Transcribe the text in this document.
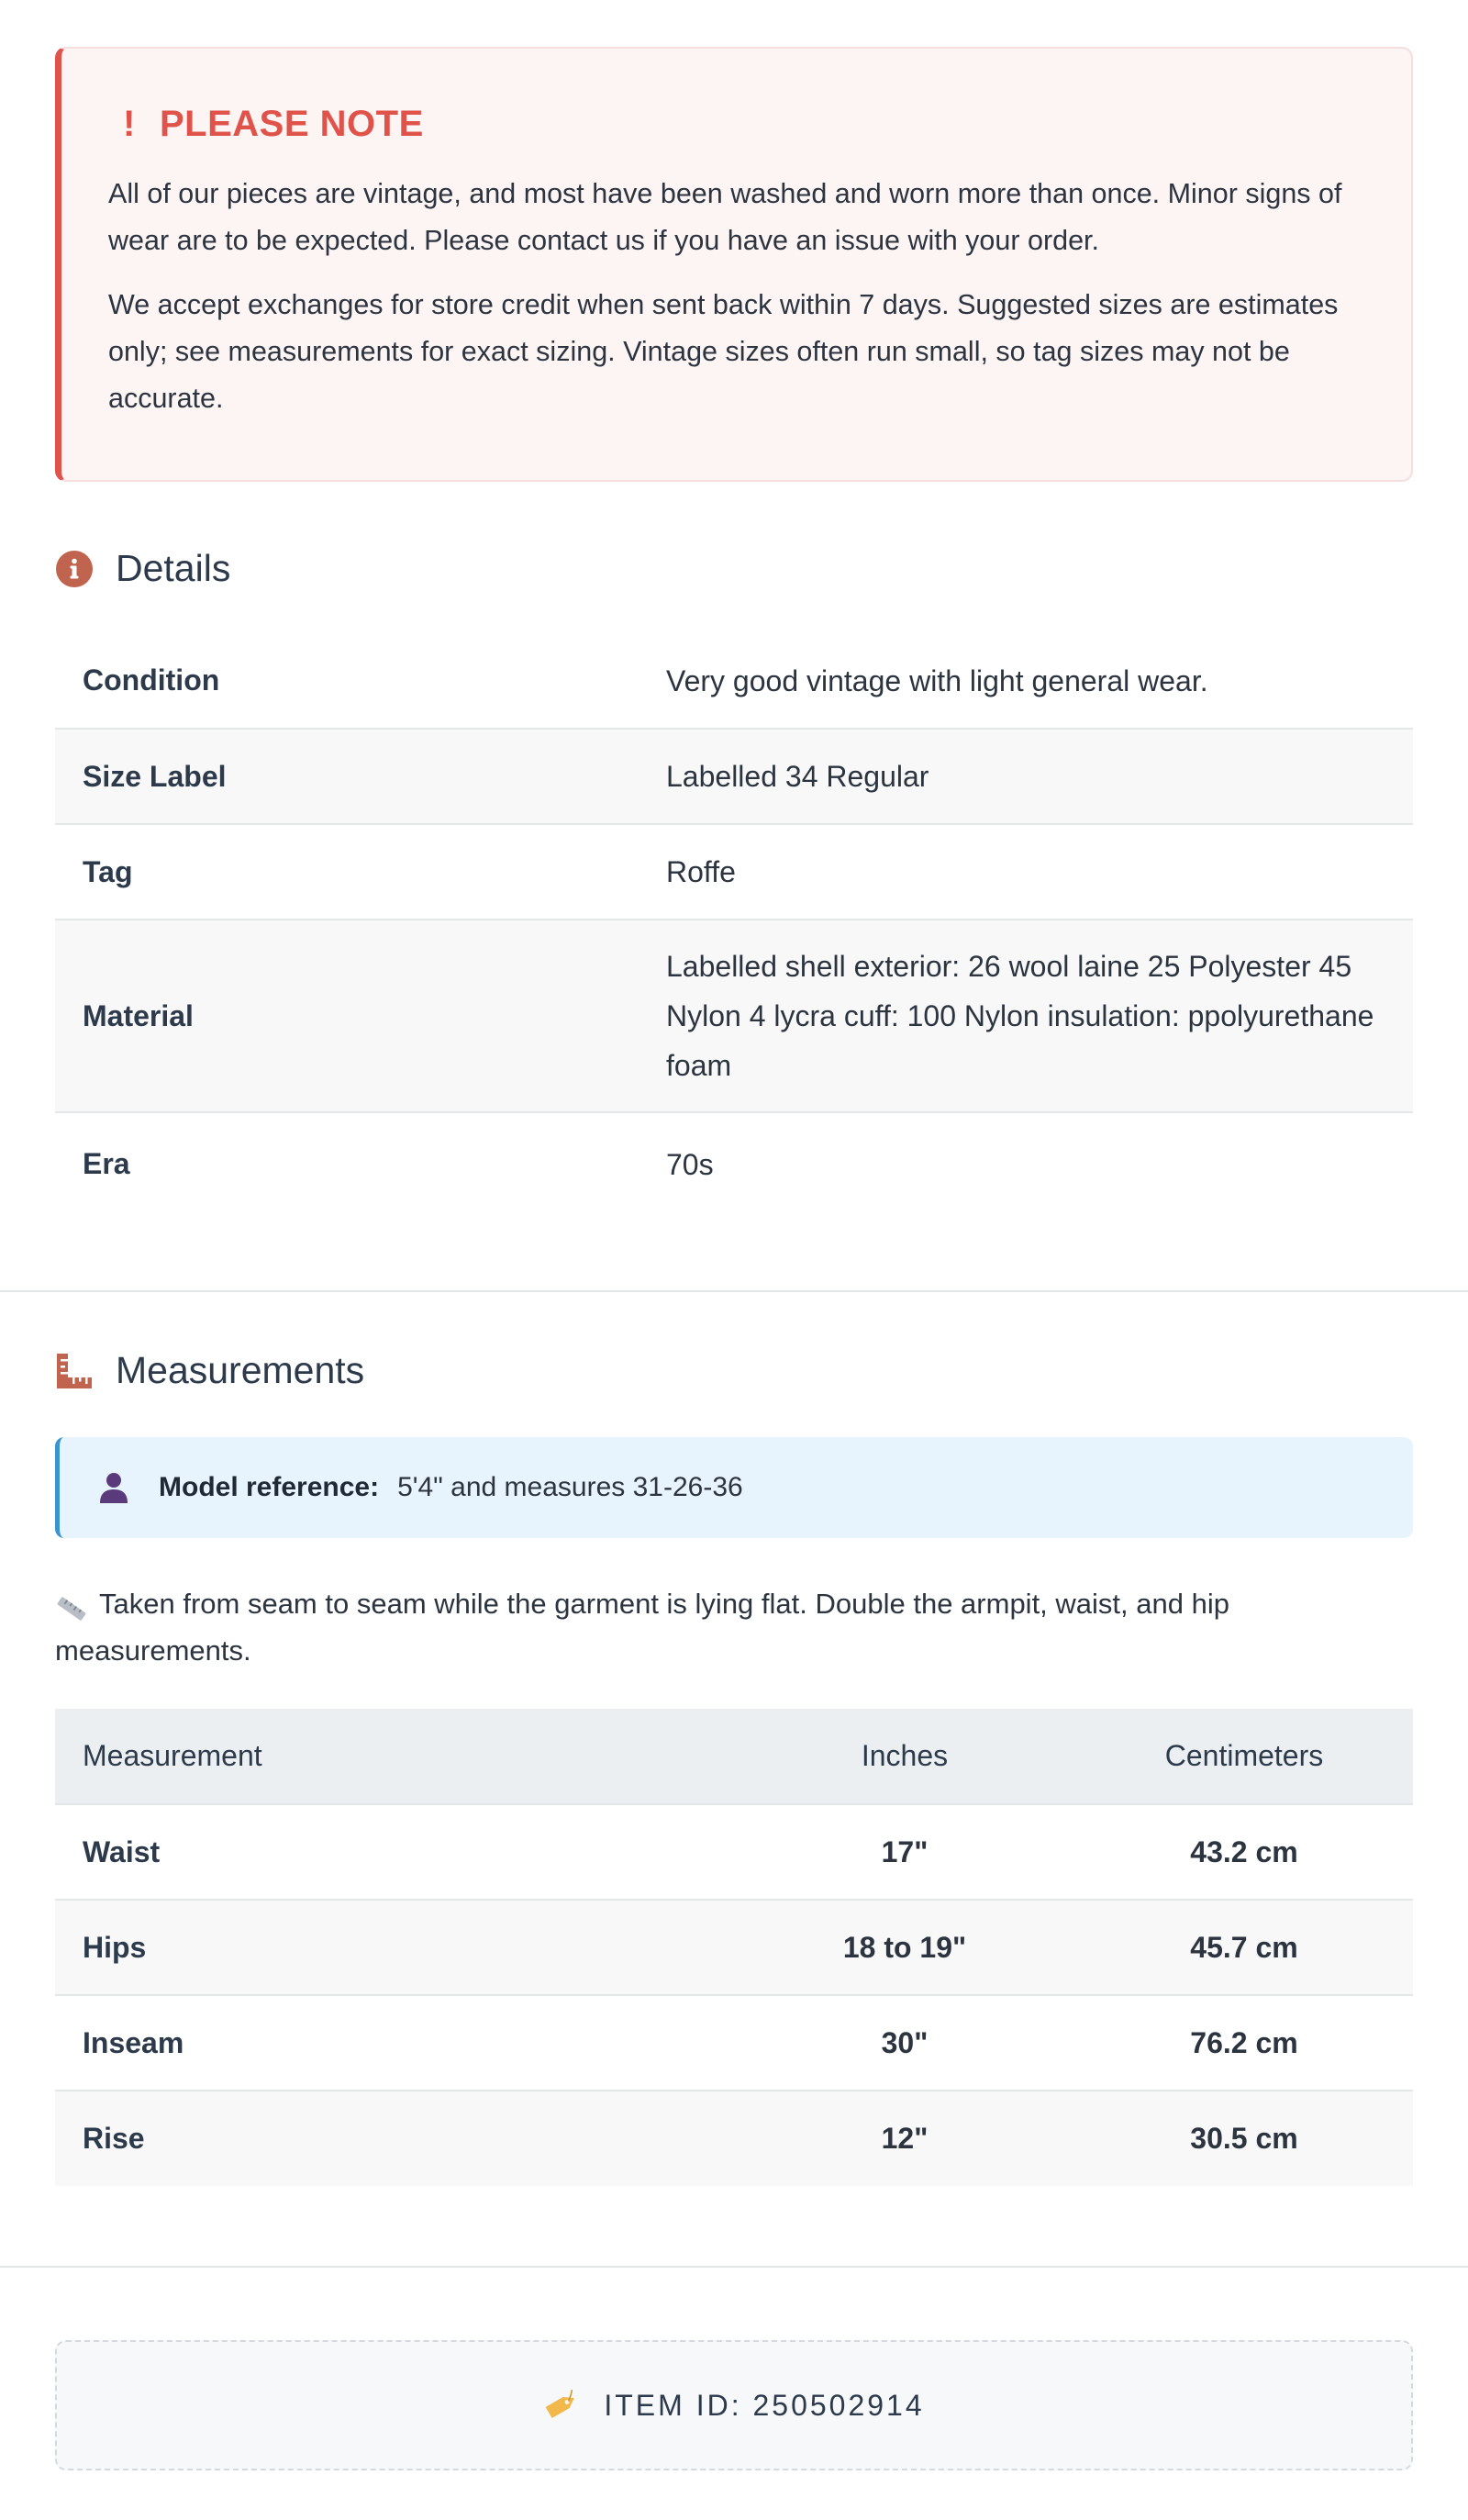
! PLEASE NOTE

All of our pieces are vintage, and most have been washed and worn more than once. Minor signs of wear are to be expected. Please contact us if you have an issue with your order.

We accept exchanges for store credit when sent back within 7 days. Suggested sizes are estimates only; see measurements for exact sizing. Vintage sizes often run small, so tag sizes may not be accurate.

Details
Condition	Very good vintage with light general wear.
Size Label	Labelled 34 Regular
Tag	Roffe
Material	Labelled shell exterior: 26 wool laine 25 Polyester 45 Nylon 4 lycra cuff: 100 Nylon insulation: ppolyurethane foam
Era	70s
Measurements
Model reference: 5'4" and measures 31-26-36

Taken from seam to seam while the garment is lying flat. Double the armpit, waist, and hip measurements.

Measurement	Inches	Centimeters
Waist	17"	43.2 cm
Hips	18 to 19"	45.7 cm
Inseam	30"	76.2 cm
Rise	12"	30.5 cm
ITEM ID: 250502914
